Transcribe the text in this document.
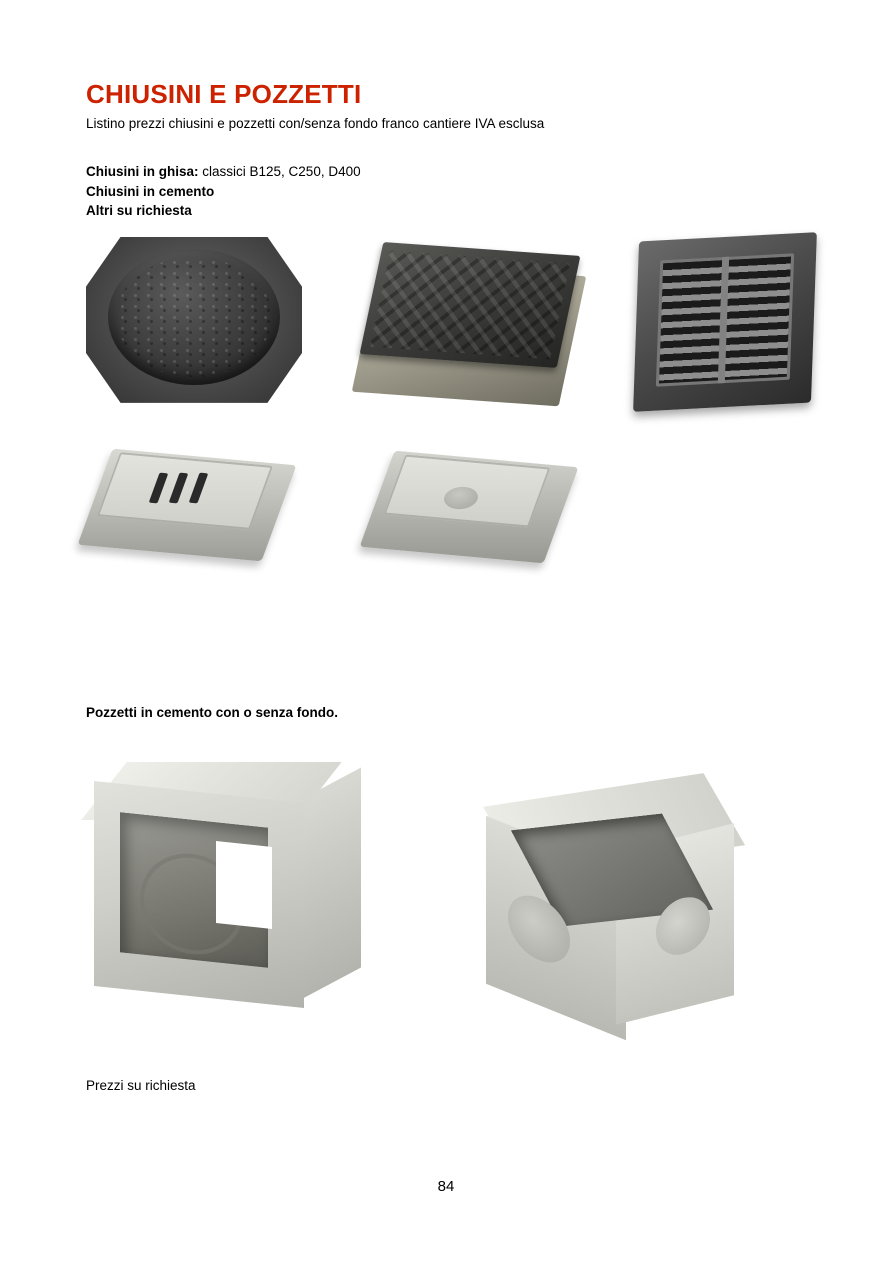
CHIUSINI E POZZETTI

Listino prezzi chiusini e pozzetti con/senza fondo franco cantiere IVA esclusa

Chiusini in ghisa: classici B125, C250, D400
Chiusini in cemento
Altri su richiesta
Pozzetti in cemento con o senza fondo.
Prezzi su richiesta
84
